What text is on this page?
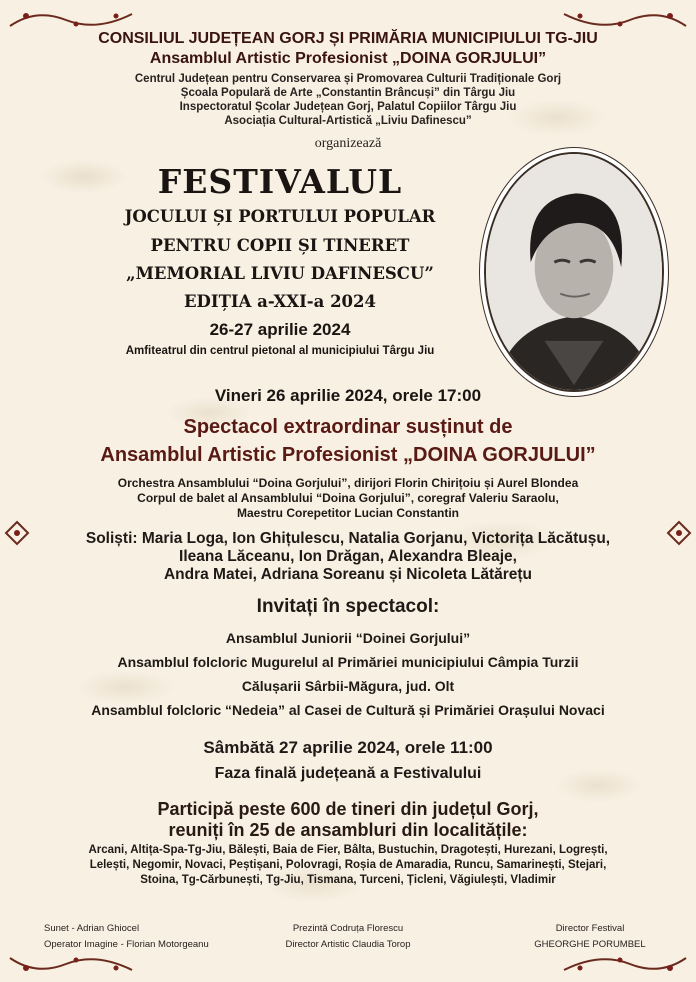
CONSILIUL JUDEȚEAN GORJ ȘI PRIMĂRIA MUNICIPIULUI TG-JIU
Ansamblul Artistic Profesionist „DOINA GORJULUI”
Centrul Județean pentru Conservarea și Promovarea Culturii Tradiționale Gorj
Școala Populară de Arte „Constantin Brâncuși” din Târgu Jiu
Inspectoratul Școlar Județean Gorj, Palatul Copiilor Târgu Jiu
Asociația Cultural-Artistică „Liviu Dafinescu”
organizează
FESTIVALUL
JOCULUI ȘI PORTULUI POPULAR
PENTRU COPII ȘI TINERET
„MEMORIAL LIVIU DAFINESCU”
EDIȚIA a-XXI-a 2024
26-27 aprilie 2024
Amfiteatrul din centrul pietonal al municipiului Târgu Jiu
Vineri 26 aprilie 2024, orele 17:00
Spectacol extraordinar susținut de
Ansamblul Artistic Profesionist „DOINA GORJULUI”
Orchestra Ansamblului “Doina Gorjului”, dirijori Florin Chirițoiu și Aurel Blondea
Corpul de balet al Ansamblului “Doina Gorjului”, coregraf Valeriu Saraolu,
Maestru Corepetitor Lucian Constantin
Soliști: Maria Loga, Ion Ghițulescu, Natalia Gorjanu, Victorița Lăcătușu,
Ileana Lăceanu, Ion Drăgan, Alexandra Bleaje,
Andra Matei, Adriana Soreanu și Nicoleta Lătărețu
Invitați în spectacol:
Ansamblul Juniorii “Doinei Gorjului”
Ansamblul folcloric Mugurelul al Primăriei municipiului Câmpia Turzii
Călușarii Sârbii-Măgura, jud. Olt
Ansamblul folcloric “Nedeia” al Casei de Cultură și Primăriei Orașului Novaci
Sâmbătă 27 aprilie 2024, orele 11:00
Faza finală județeană a Festivalului
Participă peste 600 de tineri din județul Gorj,
reuniți în 25 de ansambluri din localitățile:
Arcani, Altița-Spa-Tg-Jiu, Bălești, Baia de Fier, Bâlta, Bustuchin, Dragotești, Hurezani, Logrești,
Lelești, Negomir, Novaci, Peștișani, Polovragi, Roșia de Amaradia, Runcu, Samarinești, Stejari,
Stoina, Tg-Cărbunești, Tg-Jiu, Tismana, Turceni, Țicleni, Văgiulești, Vladimir
Sunet - Adrian Ghiocel
Operator Imagine - Florian Motorgeanu
Prezintă Codruța Florescu
Director Artistic Claudia Torop
Director Festival
GHEORGHE PORUMBEL
